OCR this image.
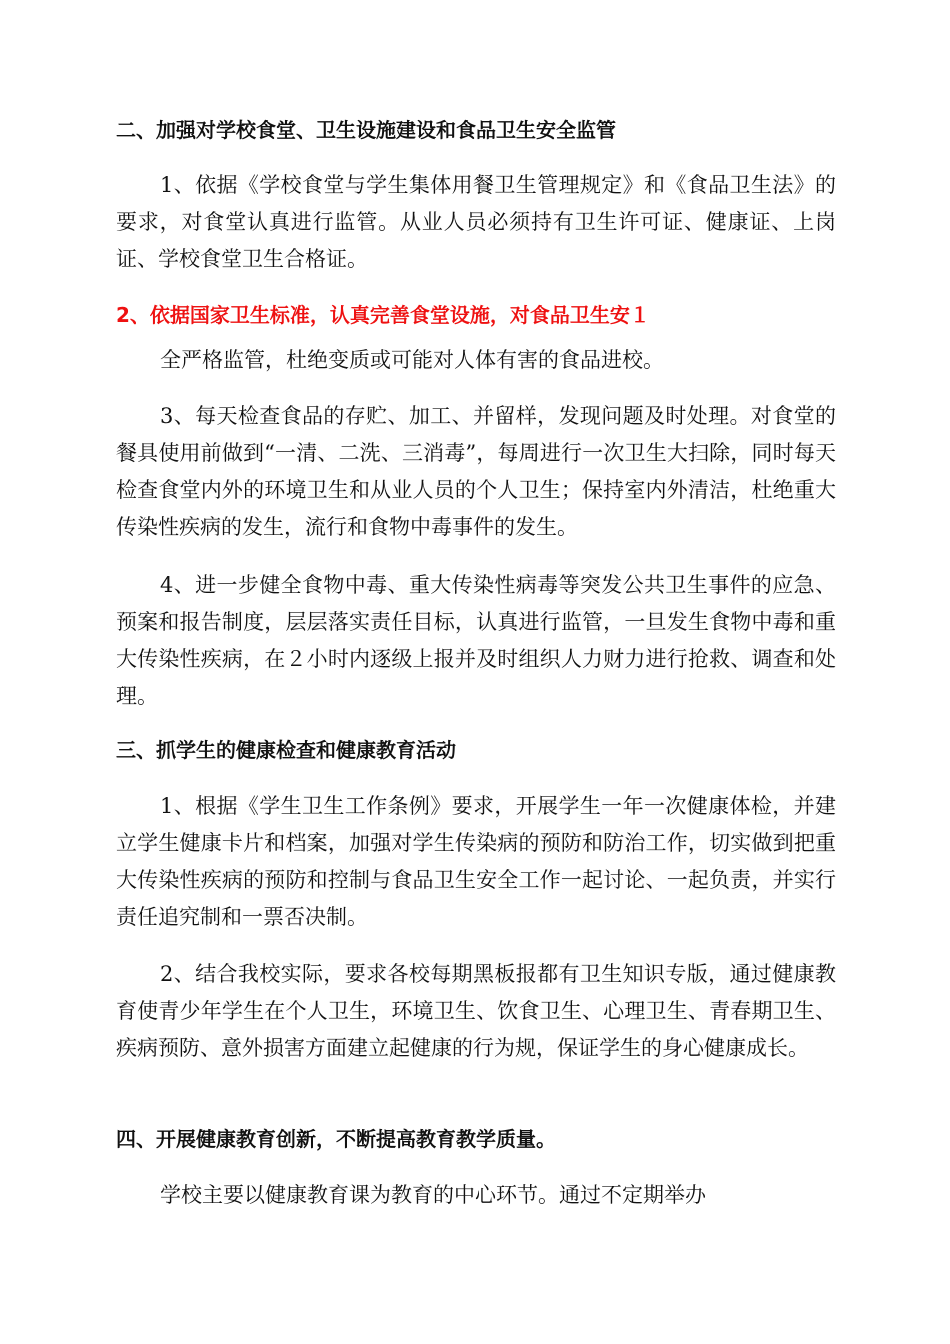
二、加强对学校食堂、卫生设施建设和食品卫生安全监管

1、依据《学校食堂与学生集体用餐卫生管理规定》和《食品卫生法》的要求，对食堂认真进行监管。从业人员必须持有卫生许可证、健康证、上岗证、学校食堂卫生合格证。

2、依据国家卫生标准，认真完善食堂设施，对食品卫生安１

全严格监管，杜绝变质或可能对人体有害的食品进校。

3、每天检查食品的存贮、加工、并留样，发现问题及时处理。对食堂的餐具使用前做到“一清、二洗、三消毒”，每周进行一次卫生大扫除，同时每天检查食堂内外的环境卫生和从业人员的个人卫生；保持室内外清洁，杜绝重大传染性疾病的发生，流行和食物中毒事件的发生。

4、进一步健全食物中毒、重大传染性病毒等突发公共卫生事件的应急、预案和报告制度，层层落实责任目标，认真进行监管，一旦发生食物中毒和重大传染性疾病，在２小时内逐级上报并及时组织人力财力进行抢救、调查和处理。

三、抓学生的健康检查和健康教育活动

1、根据《学生卫生工作条例》要求，开展学生一年一次健康体检，并建立学生健康卡片和档案，加强对学生传染病的预防和防治工作，切实做到把重大传染性疾病的预防和控制与食品卫生安全工作一起讨论、一起负责，并实行责任追究制和一票否决制。

2、结合我校实际，要求各校每期黑板报都有卫生知识专版，通过健康教育使青少年学生在个人卫生，环境卫生、饮食卫生、心理卫生、青春期卫生、疾病预防、意外损害方面建立起健康的行为规，保证学生的身心健康成长。

四、开展健康教育创新，不断提高教育教学质量。

学校主要以健康教育课为教育的中心环节。通过不定期举办
